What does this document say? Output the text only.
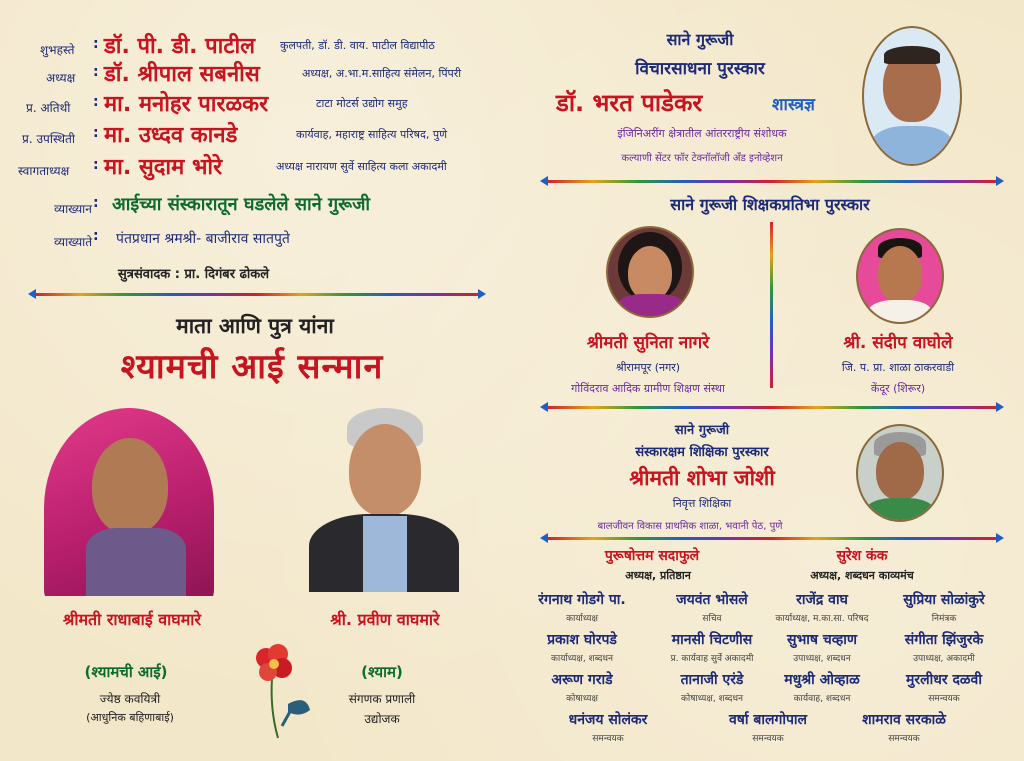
शुभहस्ते : डॉ. पी. डी. पाटील कुलपती, डॉ. डी. वाय. पाटील विद्यापीठ
अध्यक्ष : डॉ. श्रीपाल सबनीस	अध्यक्ष, अ.भा.म.साहित्य संमेलन, पिंपरी
प्र. अतिथी : मा. मनोहर पारळकर	टाटा मोटर्स उद्योग समुह
प्र. उपस्थिती : मा. उध्दव कानडे	कार्यवाह, महाराष्ट्र साहित्य परिषद, पुणे
स्वागताध्यक्ष : मा. सुदाम भोरे	अध्यक्ष नारायण सुर्वे साहित्य कला अकादमी
व्याख्यान : आईच्या संस्कारातून घडलेले साने गुरूजी
व्याख्याते : पंतप्रधान श्रमश्री- बाजीराव सातपुते
सुत्रसंवादक : प्रा. दिगंबर ढोकले
माता आणि पुत्र यांना
श्यामची आई सन्मान
श्रीमती राधाबाई वाघमारे
(श्यामची आई)
ज्येष्ठ कवयित्री
(आधुनिक बहिणाबाई)
श्री. प्रवीण वाघमारे
(श्याम)
संगणक प्रणाली
उद्योजक
साने गुरूजी
विचारसाधना पुरस्कार
डॉ. भरत पाडेकर	शास्त्रज्ञ
इंजिनिअरींग क्षेत्रातील आंतरराष्ट्रीय संशोधक
कल्याणी सेंटर फॉर टेक्नॉलॉजी अँड इनोव्हेशन
साने गुरूजी शिक्षकप्रतिभा पुरस्कार
श्रीमती सुनिता नागरे
श्रीरामपूर (नगर)
गोविंदराव आदिक ग्रामीण शिक्षण संस्था
श्री. संदीप वाघोले
जि. प. प्रा. शाळा ठाकरवाडी
केंदूर (शिरूर)
साने गुरूजी
संस्कारक्षम शिक्षिका पुरस्कार
श्रीमती शोभा जोशी
निवृत्त शिक्षिका
बालजीवन विकास प्राथमिक शाळा, भवानी पेठ, पुणे
पुरूषोत्तम सदाफुले
अध्यक्ष, प्रतिष्ठान
सुरेश कंक
अध्यक्ष, शब्दधन काव्यमंच
रंगनाथ गोडगे पा.
कार्याध्यक्ष
जयवंत भोसले
सचिव
राजेंद्र वाघ
कार्याध्यक्ष, म.का.सा. परिषद
सुप्रिया सोळांकुरे
निमंत्रक
प्रकाश घोरपडे
कार्याध्यक्ष, शब्दधन
मानसी चिटणीस
प्र. कार्यवाह सुर्वे अकादमी
सुभाष चव्हाण
उपाध्यक्ष, शब्दधन
संगीता झिंजुरके
उपाध्यक्ष, अकादमी
अरूण गराडे
कोषाध्यक्ष
तानाजी एरंडे
कोषाध्यक्ष, शब्दधन
मधुश्री ओव्हाळ
कार्यवाह, शब्दधन
मुरलीधर दळवी
समन्वयक
धनंजय सोलंकर
समन्वयक
वर्षा बालगोपाल
समन्वयक
शामराव सरकाळे
समन्वयक
